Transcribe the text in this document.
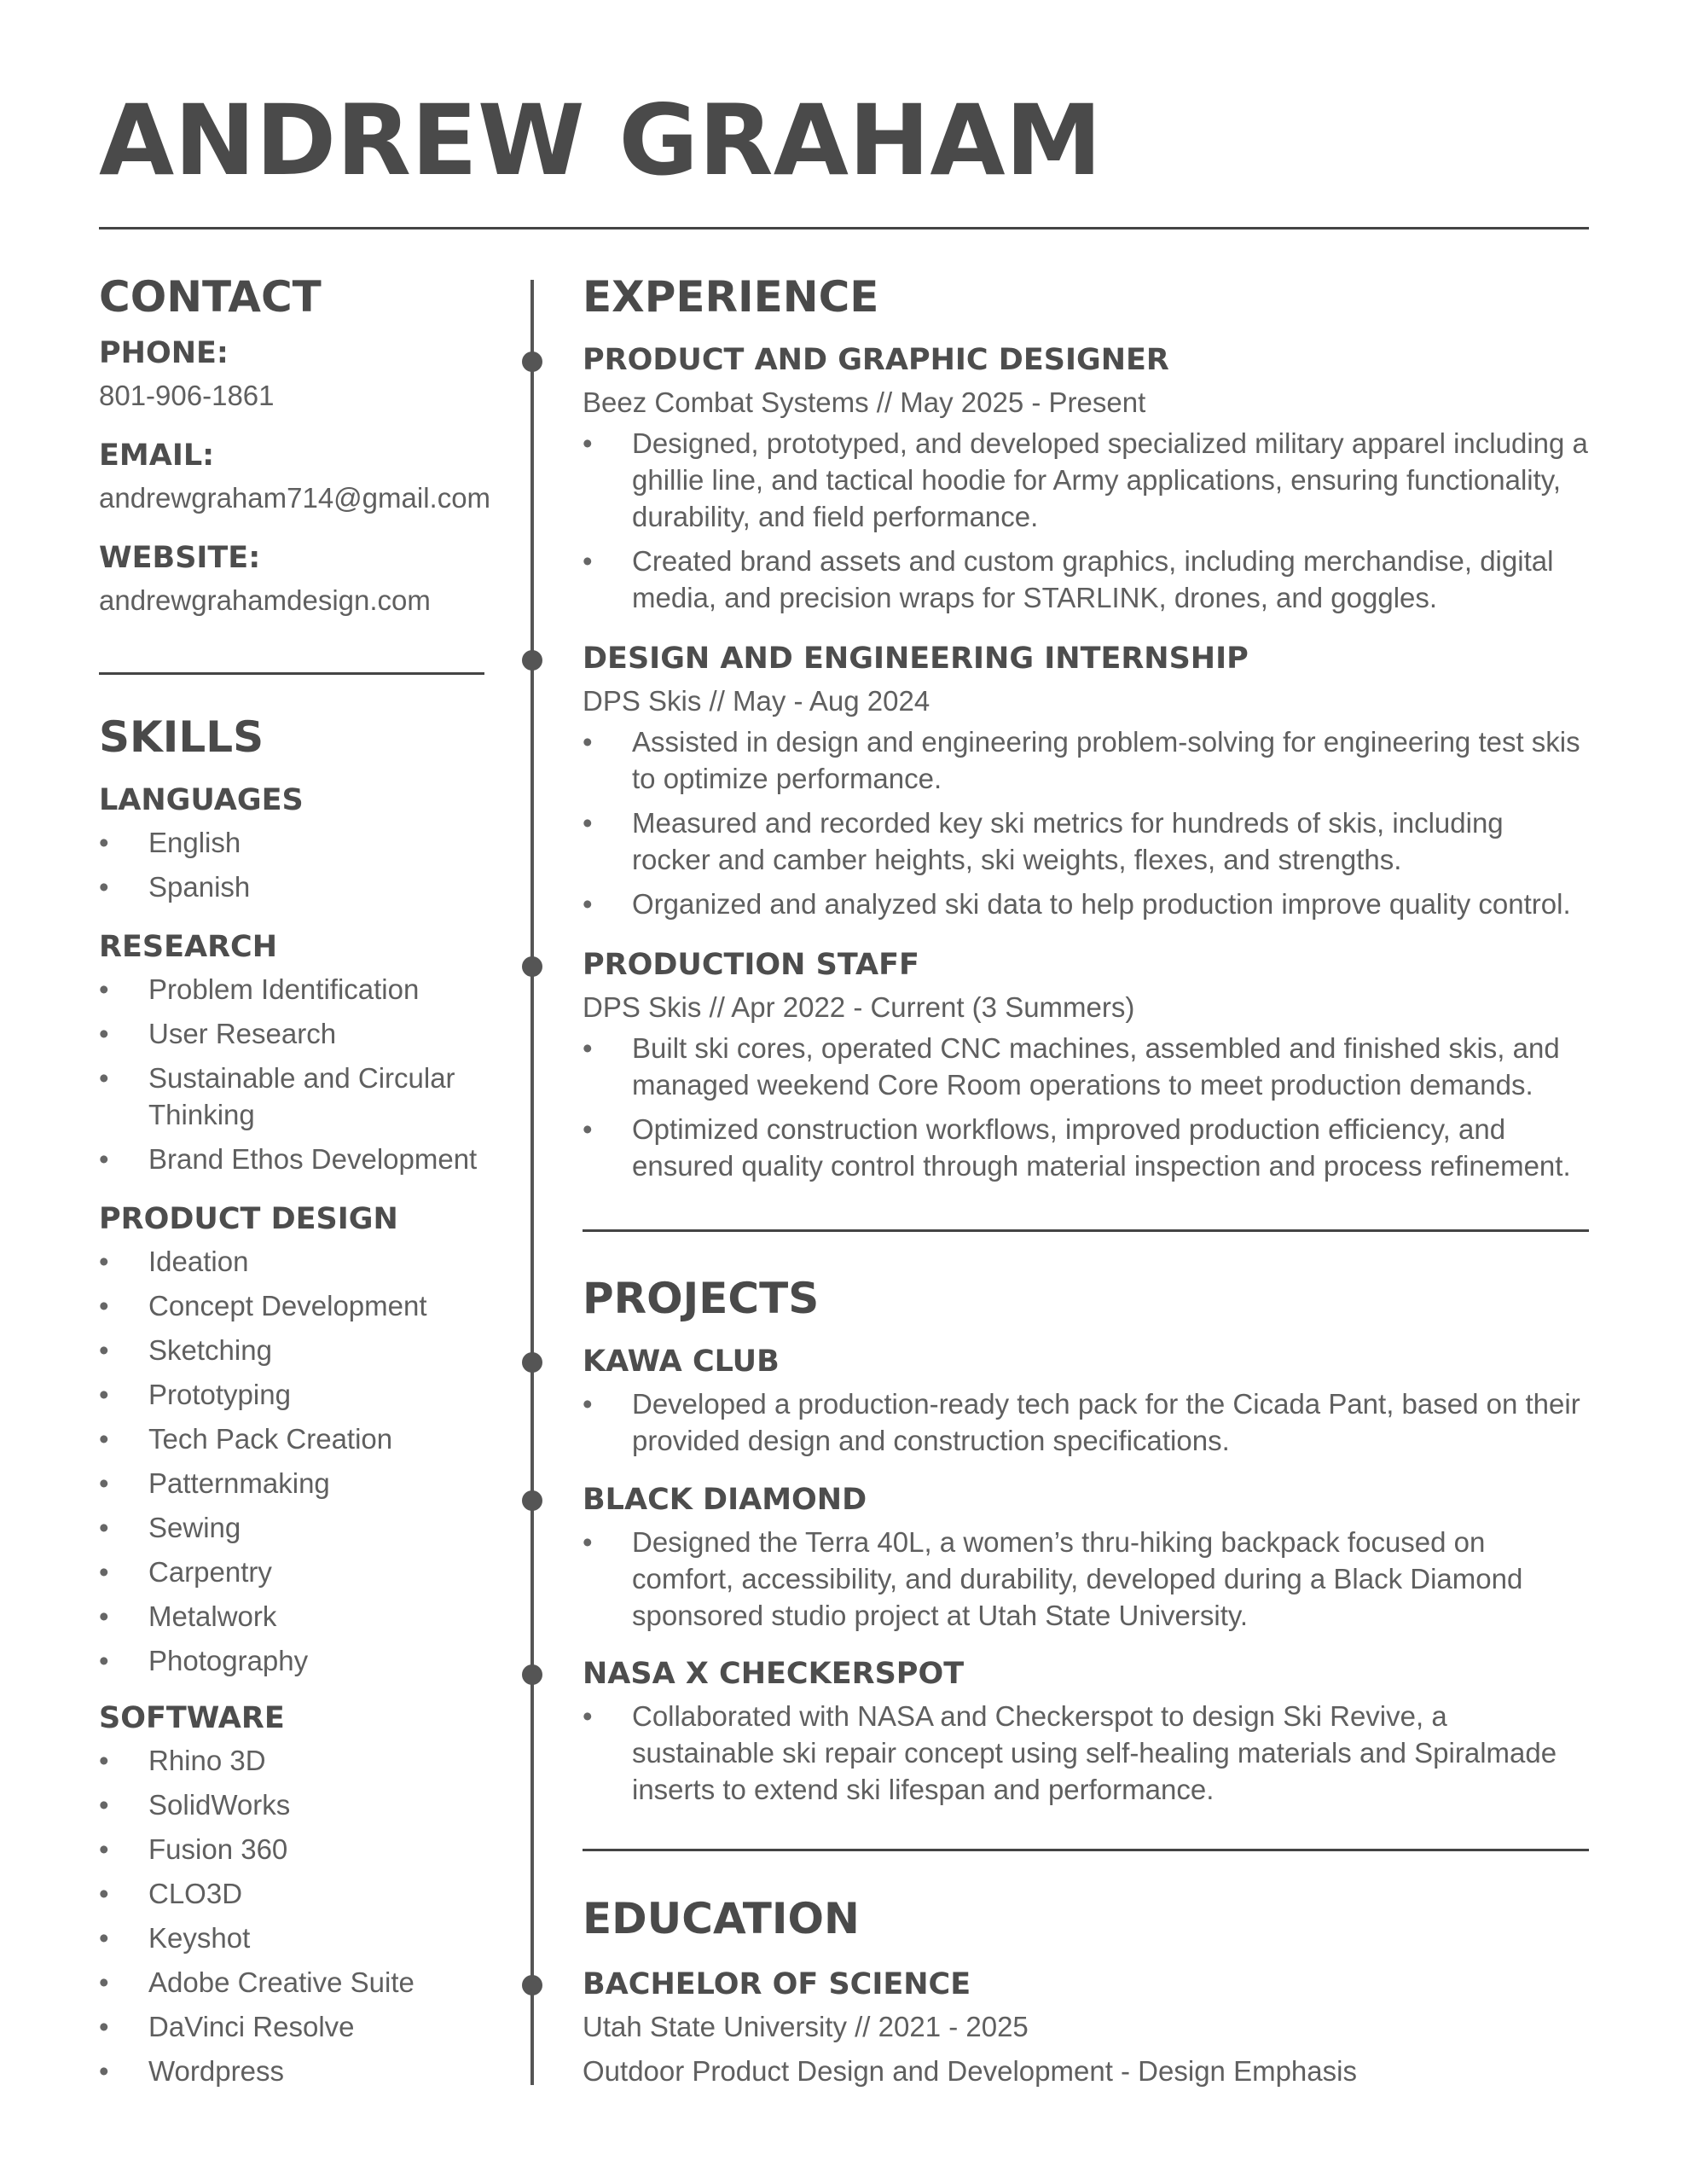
ANDREW GRAHAM
CONTACT
PHONE:
801-906-1861
EMAIL:
andrewgraham714@gmail.com
WEBSITE:
andrewgrahamdesign.com
SKILLS
LANGUAGES
• English
• Spanish
RESEARCH
• Problem Identification
• User Research
• Sustainable and Circular Thinking
• Brand Ethos Development
PRODUCT DESIGN
• Ideation
• Concept Development
• Sketching
• Prototyping
• Tech Pack Creation
• Patternmaking
• Sewing
• Carpentry
• Metalwork
• Photography
SOFTWARE
• Rhino 3D
• SolidWorks
• Fusion 360
• CLO3D
• Keyshot
• Adobe Creative Suite
• DaVinci Resolve
• Wordpress
EXPERIENCE
PRODUCT AND GRAPHIC DESIGNER
Beez Combat Systems // May 2025 - Present
• Designed, prototyped, and developed specialized military apparel including a ghillie line, and tactical hoodie for Army applications, ensuring functionality, durability, and field performance.
• Created brand assets and custom graphics, including merchandise, digital media, and precision wraps for STARLINK, drones, and goggles.
DESIGN AND ENGINEERING INTERNSHIP
DPS Skis // May - Aug 2024
• Assisted in design and engineering problem-solving for engineering test skis to optimize performance.
• Measured and recorded key ski metrics for hundreds of skis, including rocker and camber heights, ski weights, flexes, and strengths.
• Organized and analyzed ski data to help production improve quality control.
PRODUCTION STAFF
DPS Skis // Apr 2022 - Current (3 Summers)
• Built ski cores, operated CNC machines, assembled and finished skis, and managed weekend Core Room operations to meet production demands.
• Optimized construction workflows, improved production efficiency, and ensured quality control through material inspection and process refinement.
PROJECTS
KAWA CLUB
• Developed a production-ready tech pack for the Cicada Pant, based on their provided design and construction specifications.
BLACK DIAMOND
• Designed the Terra 40L, a women’s thru-hiking backpack focused on comfort, accessibility, and durability, developed during a Black Diamond sponsored studio project at Utah State University.
NASA X CHECKERSPOT
• Collaborated with NASA and Checkerspot to design Ski Revive, a sustainable ski repair concept using self-healing materials and Spiralmade inserts to extend ski lifespan and performance.
EDUCATION
BACHELOR OF SCIENCE
Utah State University // 2021 - 2025
Outdoor Product Design and Development - Design Emphasis
